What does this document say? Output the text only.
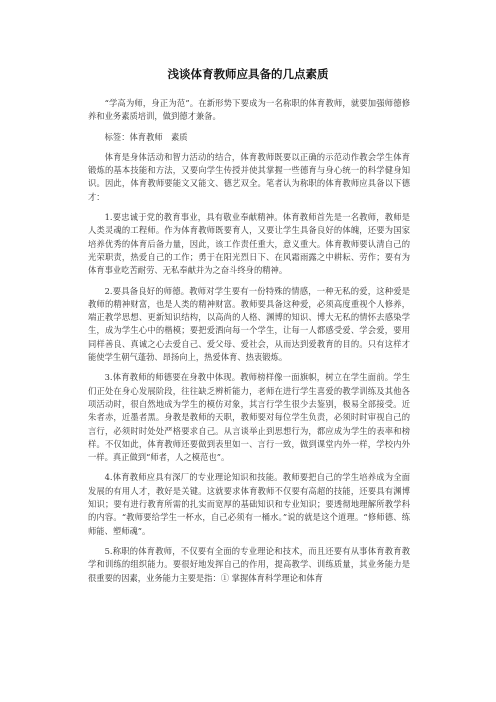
浅谈体育教师应具备的几点素质

“学高为师，身正为范”。在新形势下要成为一名称职的体育教师，就要加强师德修养和业务素质培训，做到德才兼备。

标签：体育教师　素质

体育是身体活动和智力活动的结合，体育教师既要以正确的示范动作教会学生体育锻炼的基本技能和方法，又要向学生传授并使其掌握一些德育与身心统一的科学健身知识。因此，体育教师要能文又能文、德艺双全。笔者认为称职的体育教师应具备以下德才：

1.要忠诚于党的教育事业，具有敬业奉献精神。体育教师首先是一名教师，教师是人类灵魂的工程师。作为体育教师既要育人，又要让学生具备良好的体魄，还要为国家培养优秀的体育后备力量，因此，该工作责任重大，意义重大。体育教师要认清自己的光荣职责，热爱自己的工作；勇于在阳光烈日下、在风霜雨露之中耕耘、劳作；要有为体育事业吃苦耐劳、无私奉献并为之奋斗终身的精神。

2.要具备良好的师德。教师对学生要有一份特殊的情感，一种无私的爱，这种爱是教师的精神财富，也是人类的精神财富。教师要具备这种爱，必须高度重视个人修养，端正教学思想、更新知识结构，以高尚的人格、渊博的知识、博大无私的情怀去感染学生，成为学生心中的楷模；要把爱洒向每一个学生，让每一人都感受爱、学会爱，要用同样善良、真诚之心去爱自己、爱父母、爱社会，从而达到爱教育的目的。只有这样才能使学生朝气蓬勃、昂扬向上，热爱体育、热衷锻炼。

3.体育教师的师德要在身教中体现。教师榜样像一面旗帜，树立在学生面前。学生们正处在身心发展阶段，往往缺乏辨析能力，老师在进行学生喜爱的教学训练及其他各项活动时，很自然地成为学生的模仿对象，其言行学生很少去鉴别，极易全部接受。近朱者赤，近墨者黑。身教是教师的天职，教师要对每位学生负责，必须时时审视自己的言行，必须时时处处严格要求自己。从言谈举止到思想行为，都应成为学生的表率和榜样。不仅如此，体育教师还要做到表里如一、言行一致，做到课堂内外一样，学校内外一样。真正做到“师者，人之模范也”。

4.体育教师应具有深厂的专业理论知识和技能。教师要把自己的学生培养成为全面发展的有用人才，教好是关键。这就要求体育教师不仅要有高超的技能，还要具有渊博知识；要有进行教育所需的扎实而宽厚的基础知识和专业知识；要透彻地理解所教学科的内容。“教师要给学生一杯水，自己必须有一桶水。”说的就是这个道理。“修师德、练师能、塑师魂”。

5.称职的体育教师，不仅要有全面的专业理论和技术，而且还要有从事体育教育教学和训练的组织能力。要很好地发挥自己的作用，提高教学、训练质量，其业务能力是很重要的因素，业务能力主要是指：① 掌握体育科学理论和体育
